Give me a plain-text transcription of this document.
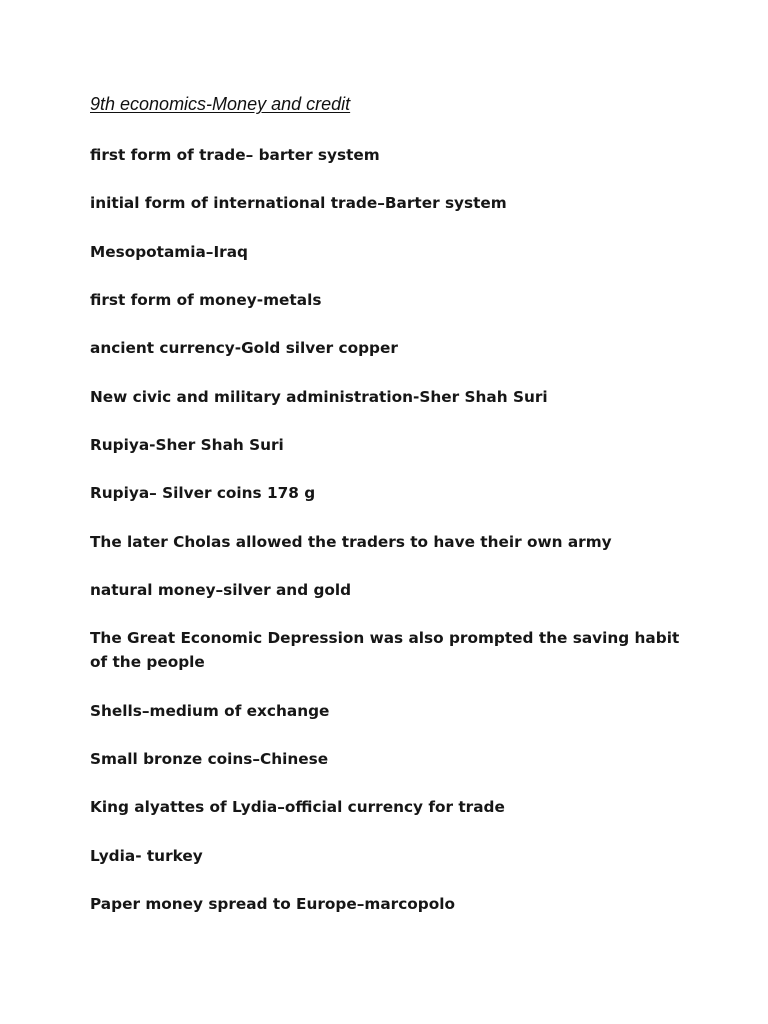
9th economics-Money and credit

first form of trade– barter system

initial form of international trade–Barter system

Mesopotamia–Iraq

first form of money-metals

ancient currency-Gold silver copper

New civic and military administration-Sher Shah Suri

Rupiya-Sher Shah Suri

Rupiya– Silver coins 178 g

The later Cholas allowed the traders to have their own army

natural money–silver and gold

The Great Economic Depression was also prompted the saving habit of the people

Shells–medium of exchange

Small bronze coins–Chinese

King alyattes of Lydia–official currency for trade

Lydia- turkey

Paper money spread to Europe–marcopolo
